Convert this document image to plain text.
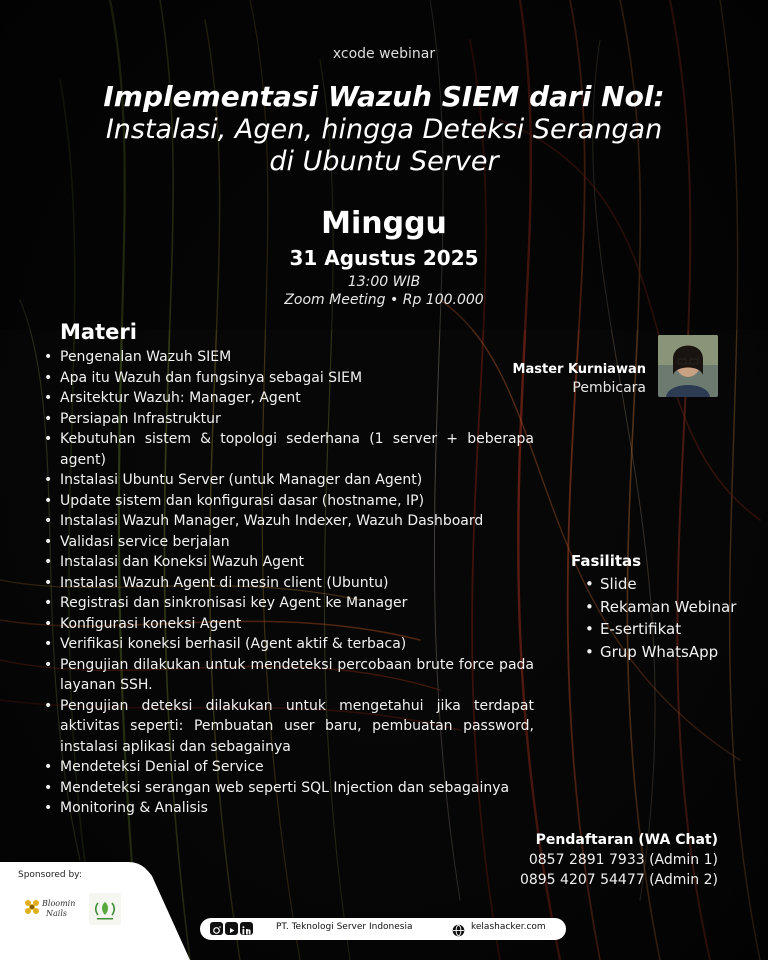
xcode webinar
Implementasi Wazuh SIEM dari Nol:
Instalasi, Agen, hingga Deteksi Serangan
di Ubuntu Server
Minggu
31 Agustus 2025
13:00 WIB
Zoom Meeting • Rp 100.000
Materi
• Pengenalan Wazuh SIEM
• Apa itu Wazuh dan fungsinya sebagai SIEM
• Arsitektur Wazuh: Manager, Agent
• Persiapan Infrastruktur
• Kebutuhan sistem & topologi sederhana (1 server + beberapa agent)
• Instalasi Ubuntu Server (untuk Manager dan Agent)
• Update sistem dan konfigurasi dasar (hostname, IP)
• Instalasi Wazuh Manager, Wazuh Indexer, Wazuh Dashboard
• Validasi service berjalan
• Instalasi dan Koneksi Wazuh Agent
• Instalasi Wazuh Agent di mesin client (Ubuntu)
• Registrasi dan sinkronisasi key Agent ke Manager
• Konfigurasi koneksi Agent
• Verifikasi koneksi berhasil (Agent aktif & terbaca)
• Pengujian dilakukan untuk mendeteksi percobaan brute force pada layanan SSH.
• Pengujian deteksi dilakukan untuk mengetahui jika terdapat aktivitas seperti: Pembuatan user baru, pembuatan password, instalasi aplikasi dan sebagainya
• Mendeteksi Denial of Service
• Mendeteksi serangan web seperti SQL Injection dan sebagainya
• Monitoring & Analisis
Master Kurniawan
Pembicara
Fasilitas
• Slide
• Rekaman Webinar
• E-sertifikat
• Grup WhatsApp
Pendaftaran (WA Chat)
0857 2891 7933 (Admin 1)
0895 4207 54477 (Admin 2)
Sponsored by:
Bloomin
Nails
PT. Teknologi Server Indonesia	kelashacker.com
